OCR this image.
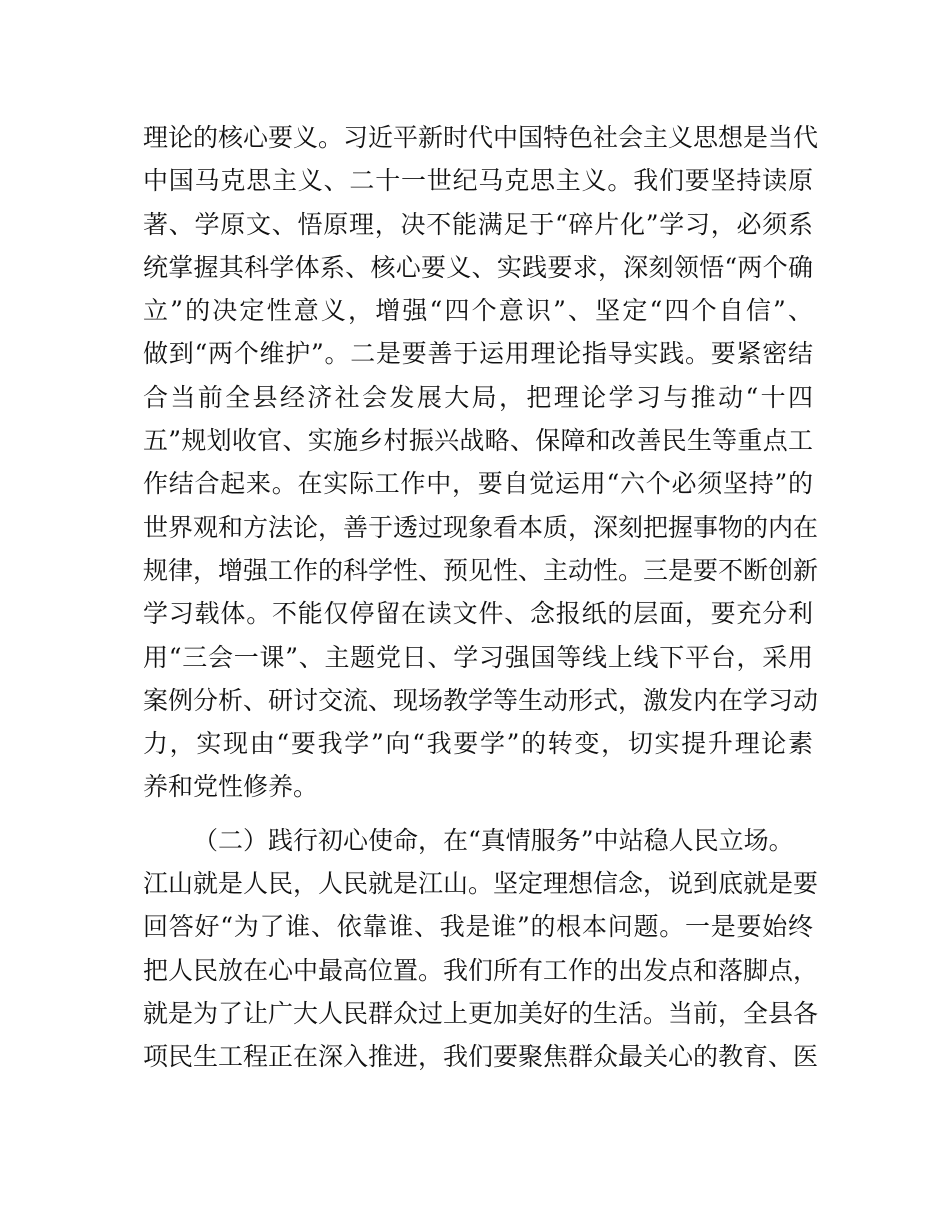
理论的核心要义。习近平新时代中国特色社会主义思想是当代
中国马克思主义、二十一世纪马克思主义。我们要坚持读原
著、学原文、悟原理，决不能满足于“碎片化”学习，必须系
统掌握其科学体系、核心要义、实践要求，深刻领悟“两个确
立”的决定性意义，增强“四个意识”、坚定“四个自信”、
做到“两个维护”。二是要善于运用理论指导实践。要紧密结
合当前全县经济社会发展大局，把理论学习与推动“十四
五”规划收官、实施乡村振兴战略、保障和改善民生等重点工
作结合起来。在实际工作中，要自觉运用“六个必须坚持”的
世界观和方法论，善于透过现象看本质，深刻把握事物的内在
规律，增强工作的科学性、预见性、主动性。三是要不断创新
学习载体。不能仅停留在读文件、念报纸的层面，要充分利
用“三会一课”、主题党日、学习强国等线上线下平台，采用
案例分析、研讨交流、现场教学等生动形式，激发内在学习动
力，实现由“要我学”向“我要学”的转变，切实提升理论素
养和党性修养。
（二）践行初心使命，在“真情服务”中站稳人民立场。
江山就是人民，人民就是江山。坚定理想信念，说到底就是要
回答好“为了谁、依靠谁、我是谁”的根本问题。一是要始终
把人民放在心中最高位置。我们所有工作的出发点和落脚点，
就是为了让广大人民群众过上更加美好的生活。当前，全县各
项民生工程正在深入推进，我们要聚焦群众最关心的教育、医
